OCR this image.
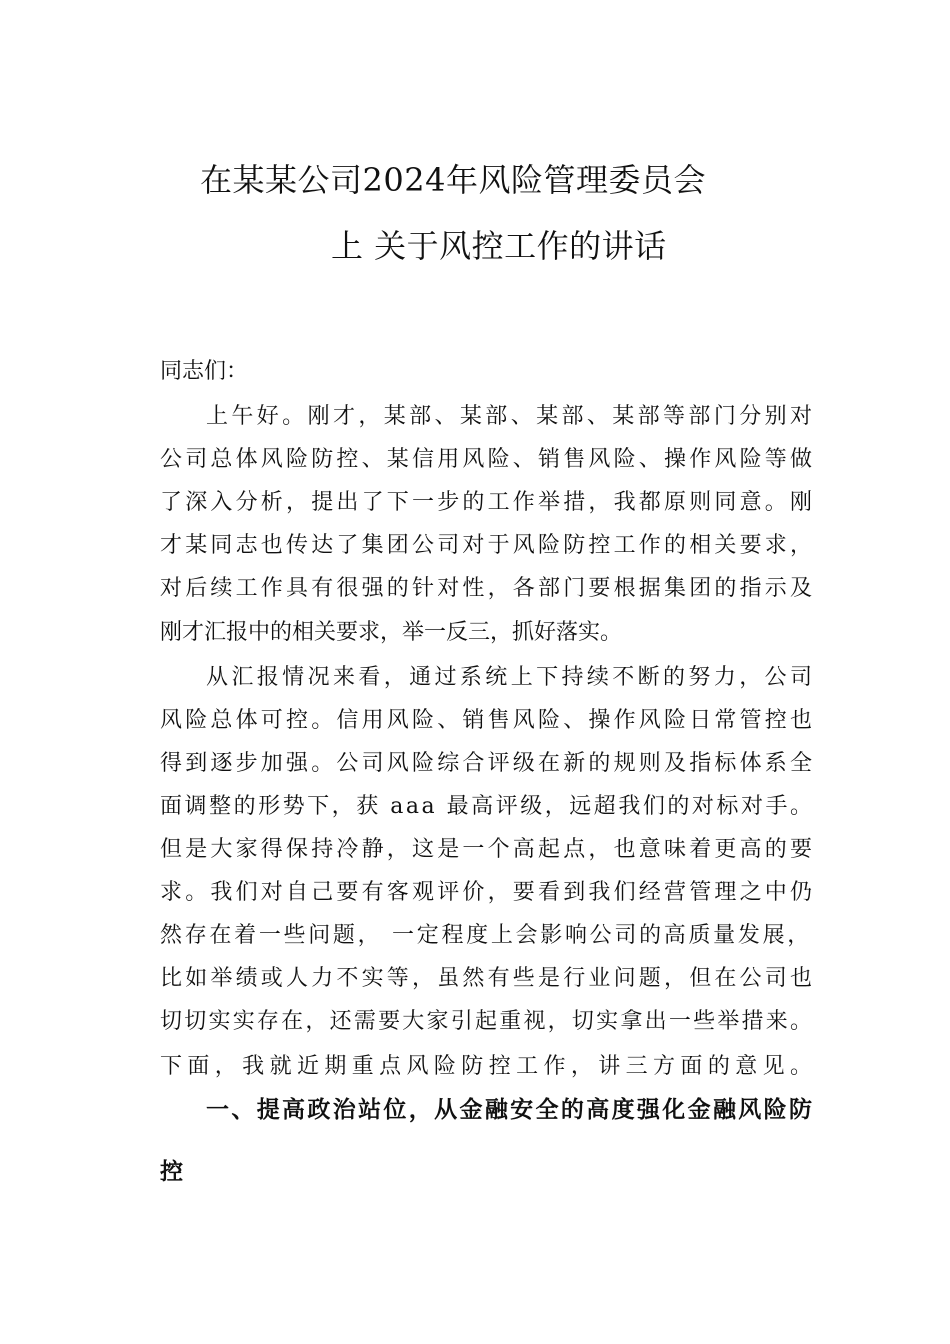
在某某公司2024年风险管理委员会
上 关于风控工作的讲话

同志们：

上午好。刚才，某部、某部、某部、某部等部门分别对

公司总体风险防控、某信用风险、销售风险、操作风险等做

了深入分析，提出了下一步的工作举措，我都原则同意。刚

才某同志也传达了集团公司对于风险防控工作的相关要求，

对后续工作具有很强的针对性，各部门要根据集团的指示及

刚才汇报中的相关要求，举一反三，抓好落实。

从汇报情况来看，通过系统上下持续不断的努力，公司

风险总体可控。信用风险、销售风险、操作风险日常管控也

得到逐步加强。公司风险综合评级在新的规则及指标体系全

面调整的形势下，获 aaa 最高评级，远超我们的对标对手。

但是大家得保持冷静，这是一个高起点，也意味着更高的要

求。我们对自己要有客观评价，要看到我们经营管理之中仍

然存在着一些问题， 一定程度上会影响公司的高质量发展，

比如举绩或人力不实等，虽然有些是行业问题，但在公司也

切切实实存在，还需要大家引起重视，切实拿出一些举措来。

下面，我就近期重点风险防控工作，讲三方面的意见。

一、提高政治站位，从金融安全的高度强化金融风险防

控
